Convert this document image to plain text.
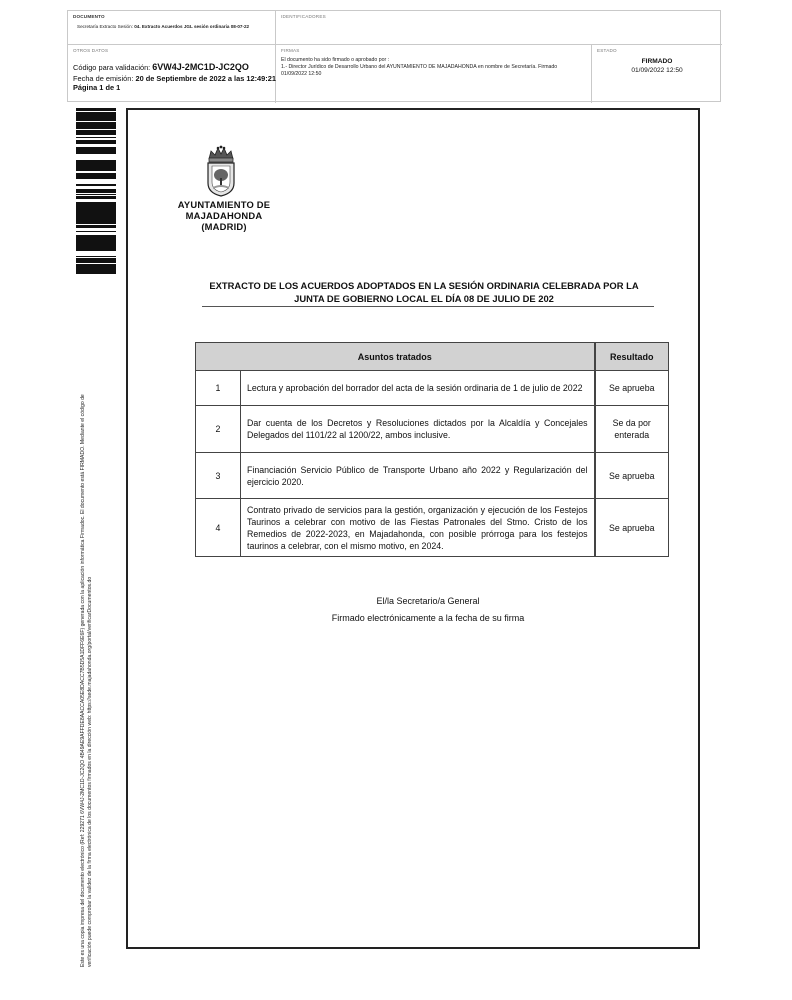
DOCUMENTO
Secretaría Extracto Sesión: 04. Extracto Acuerdos JGL sesión ordinaria 08-07-22
IDENTIFICADORES
OTROS DATOS
Código para validación: 6VW4J-2MC1D-JC2QO
Fecha de emisión: 20 de Septiembre de 2022 a las 12:49:21
Página 1 de 1
FIRMAS
El documento ha sido firmado o aprobado por :
1.- Director Jurídico de Desarrollo Urbano del AYUNTAMIENTO DE MAJADAHONDA en nombre de Secretaría. Firmado
01/09/2022 12:50
ESTADO
FIRMADO
01/09/2022 12:50
Este es una copia impresa del documento electrónico (Ref: 229271 6VW4J-2MC1D-JC2QO 4B49AE9AFFDE8AACCA05E8DACC7B5D5A1DFF6E6F) generada con la aplicación informática Firmadoc. El documento está FIRMADO. Mediante el código de verificación puede comprobar la validez de la firma electrónica de los documentos firmados en la dirección web: https://sede.majadahonda.org/portal/verificarDocumentos.do
AYUNTAMIENTO DE
MAJADAHONDA
(MADRID)
EXTRACTO DE LOS ACUERDOS ADOPTADOS EN LA SESIÓN ORDINARIA CELEBRADA POR LA
JUNTA DE GOBIERNO LOCAL EL DÍA 08 DE JULIO DE 202
Asuntos tratados		Resultado
1	Lectura y aprobación del borrador del acta de la sesión ordinaria de 1 de julio de 2022	Se aprueba
2	Dar cuenta de los Decretos y Resoluciones dictados por la Alcaldía y Concejales Delegados del 1101/22 al 1200/22, ambos inclusive.	Se da por enterada
3	Financiación Servicio Público de Transporte Urbano año 2022 y Regularización del ejercicio 2020.	Se aprueba
4	Contrato privado de servicios para la gestión, organización y ejecución de los Festejos Taurinos a celebrar con motivo de las Fiestas Patronales del Stmo. Cristo de los Remedios de 2022-2023, en Majadahonda, con posible prórroga para los festejos taurinos a celebrar, con el mismo motivo, en 2024.	Se aprueba
El/la Secretario/a General
Firmado electrónicamente a la fecha de su firma
